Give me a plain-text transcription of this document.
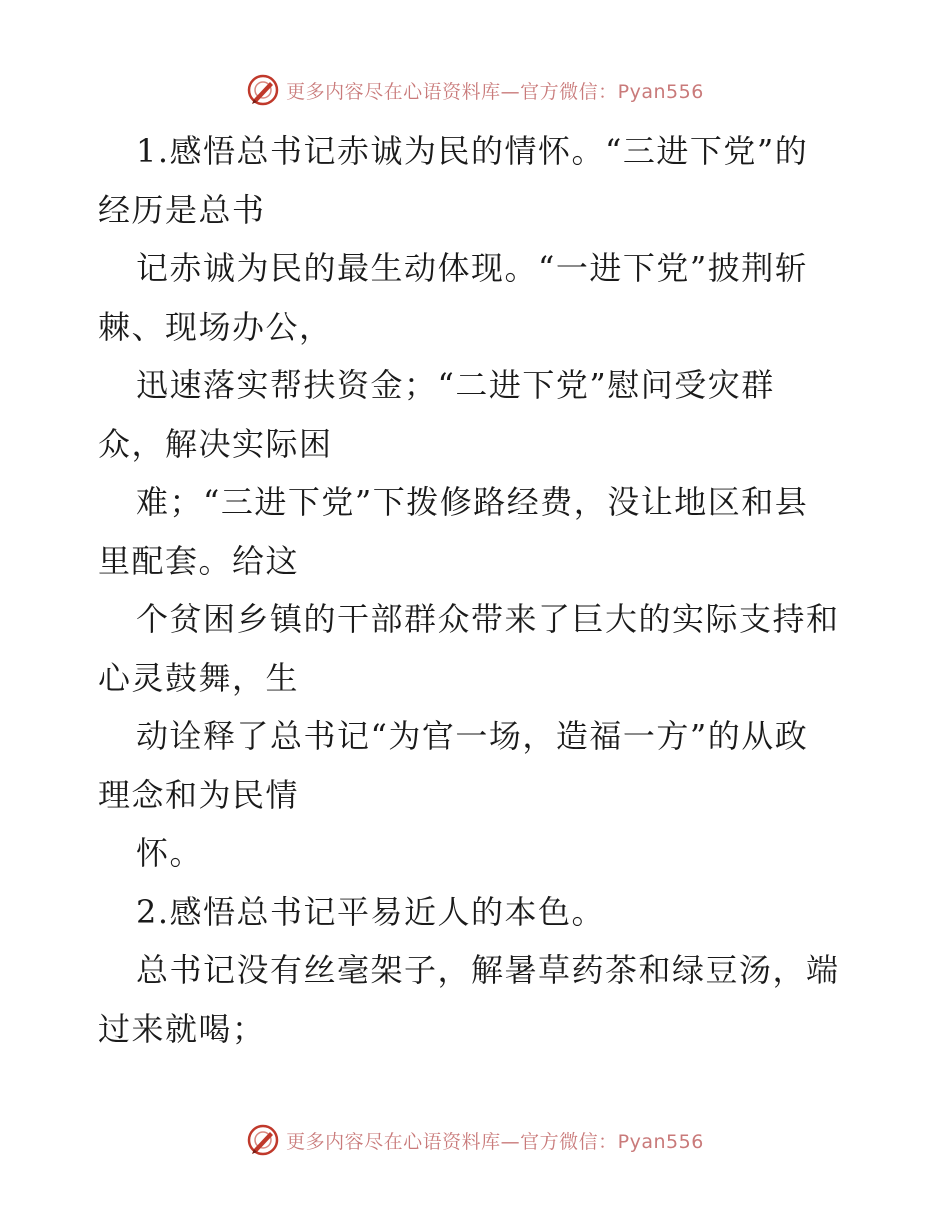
更多内容尽在心语资料库—官方微信：Pyan556
1.感悟总书记赤诚为民的情怀。“三进下党”的
经历是总书
记赤诚为民的最生动体现。“一进下党”披荆斩
棘、现场办公，
迅速落实帮扶资金；“二进下党”慰问受灾群
众，解决实际困
难；“三进下党”下拨修路经费，没让地区和县
里配套。给这
个贫困乡镇的干部群众带来了巨大的实际支持和
心灵鼓舞，生
动诠释了总书记“为官一场，造福一方”的从政
理念和为民情
怀。
2.感悟总书记平易近人的本色。
总书记没有丝毫架子，解暑草药茶和绿豆汤，端
过来就喝；
更多内容尽在心语资料库—官方微信：Pyan556
